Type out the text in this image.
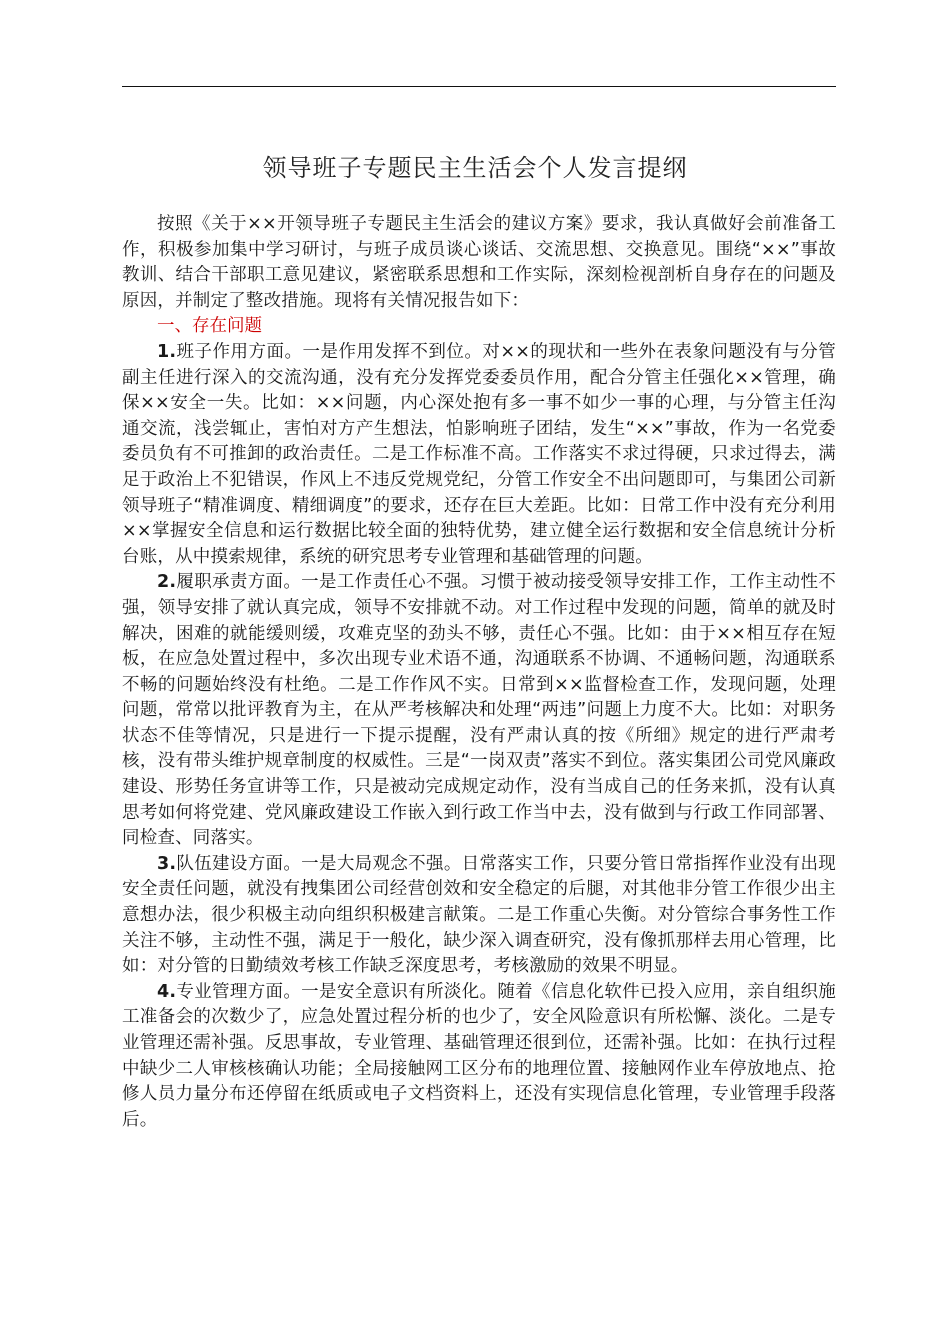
领导班子专题民主生活会个人发言提纲

按照《关于××开领导班子专题民主生活会的建议方案》要求，我认真做好会前准备工作，积极参加集中学习研讨，与班子成员谈心谈话、交流思想、交换意见。围绕“××”事故教训、结合干部职工意见建议，紧密联系思想和工作实际，深刻检视剖析自身存在的问题及原因，并制定了整改措施。现将有关情况报告如下：

一、存在问题

1.班子作用方面。一是作用发挥不到位。对××的现状和一些外在表象问题没有与分管副主任进行深入的交流沟通，没有充分发挥党委委员作用，配合分管主任强化××管理，确保××安全一失。比如：××问题，内心深处抱有多一事不如少一事的心理，与分管主任沟通交流，浅尝辄止，害怕对方产生想法，怕影响班子团结，发生“××”事故，作为一名党委委员负有不可推卸的政治责任。二是工作标准不高。工作落实不求过得硬，只求过得去，满足于政治上不犯错误，作风上不违反党规党纪，分管工作安全不出问题即可，与集团公司新领导班子“精准调度、精细调度”的要求，还存在巨大差距。比如：日常工作中没有充分利用××掌握安全信息和运行数据比较全面的独特优势，建立健全运行数据和安全信息统计分析台账，从中摸索规律，系统的研究思考专业管理和基础管理的问题。

2.履职承责方面。一是工作责任心不强。习惯于被动接受领导安排工作，工作主动性不强，领导安排了就认真完成，领导不安排就不动。对工作过程中发现的问题，简单的就及时解决，困难的就能缓则缓，攻难克坚的劲头不够，责任心不强。比如：由于××相互存在短板，在应急处置过程中，多次出现专业术语不通，沟通联系不协调、不通畅问题，沟通联系不畅的问题始终没有杜绝。二是工作作风不实。日常到××监督检查工作，发现问题，处理问题，常常以批评教育为主，在从严考核解决和处理“两违”问题上力度不大。比如：对职务状态不佳等情况，只是进行一下提示提醒，没有严肃认真的按《所细》规定的进行严肃考核，没有带头维护规章制度的权威性。三是“一岗双责”落实不到位。落实集团公司党风廉政建设、形势任务宣讲等工作，只是被动完成规定动作，没有当成自己的任务来抓，没有认真思考如何将党建、党风廉政建设工作嵌入到行政工作当中去，没有做到与行政工作同部署、同检查、同落实。

3.队伍建设方面。一是大局观念不强。日常落实工作，只要分管日常指挥作业没有出现安全责任问题，就没有拽集团公司经营创效和安全稳定的后腿，对其他非分管工作很少出主意想办法，很少积极主动向组织积极建言献策。二是工作重心失衡。对分管综合事务性工作关注不够，主动性不强，满足于一般化，缺少深入调查研究，没有像抓那样去用心管理，比如：对分管的日勤绩效考核工作缺乏深度思考，考核激励的效果不明显。

4.专业管理方面。一是安全意识有所淡化。随着《信息化软件已投入应用，亲自组织施工准备会的次数少了，应急处置过程分析的也少了，安全风险意识有所松懈、淡化。二是专业管理还需补强。反思事故，专业管理、基础管理还很到位，还需补强。比如：在执行过程中缺少二人审核核确认功能；全局接触网工区分布的地理位置、接触网作业车停放地点、抢修人员力量分布还停留在纸质或电子文档资料上，还没有实现信息化管理，专业管理手段落后。
